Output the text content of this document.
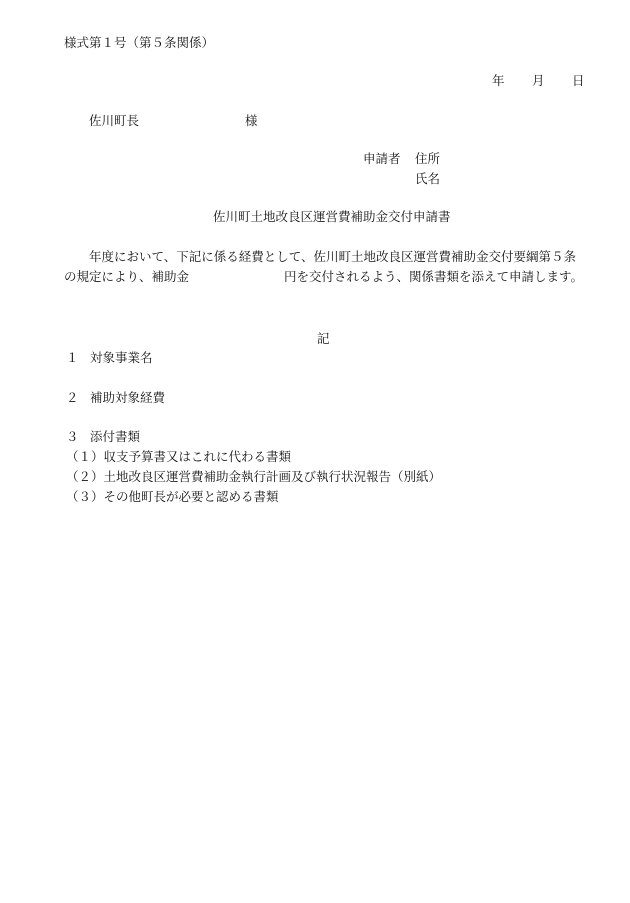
様式第１号（第５条関係）
年 月 日
佐川町長	様
申請者 住所
氏名
佐川町土地改良区運営費補助金交付申請書
年度において、下記に係る経費として、佐川町土地改良区運営費補助金交付要綱第５条の規定により、補助金	円を交付されるよう、関係書類を添えて申請します。
記
１ 対象事業名
２ 補助対象経費
３ 添付書類
（１）収支予算書又はこれに代わる書類
（２）土地改良区運営費補助金執行計画及び執行状況報告（別紙）
（３）その他町長が必要と認める書類
